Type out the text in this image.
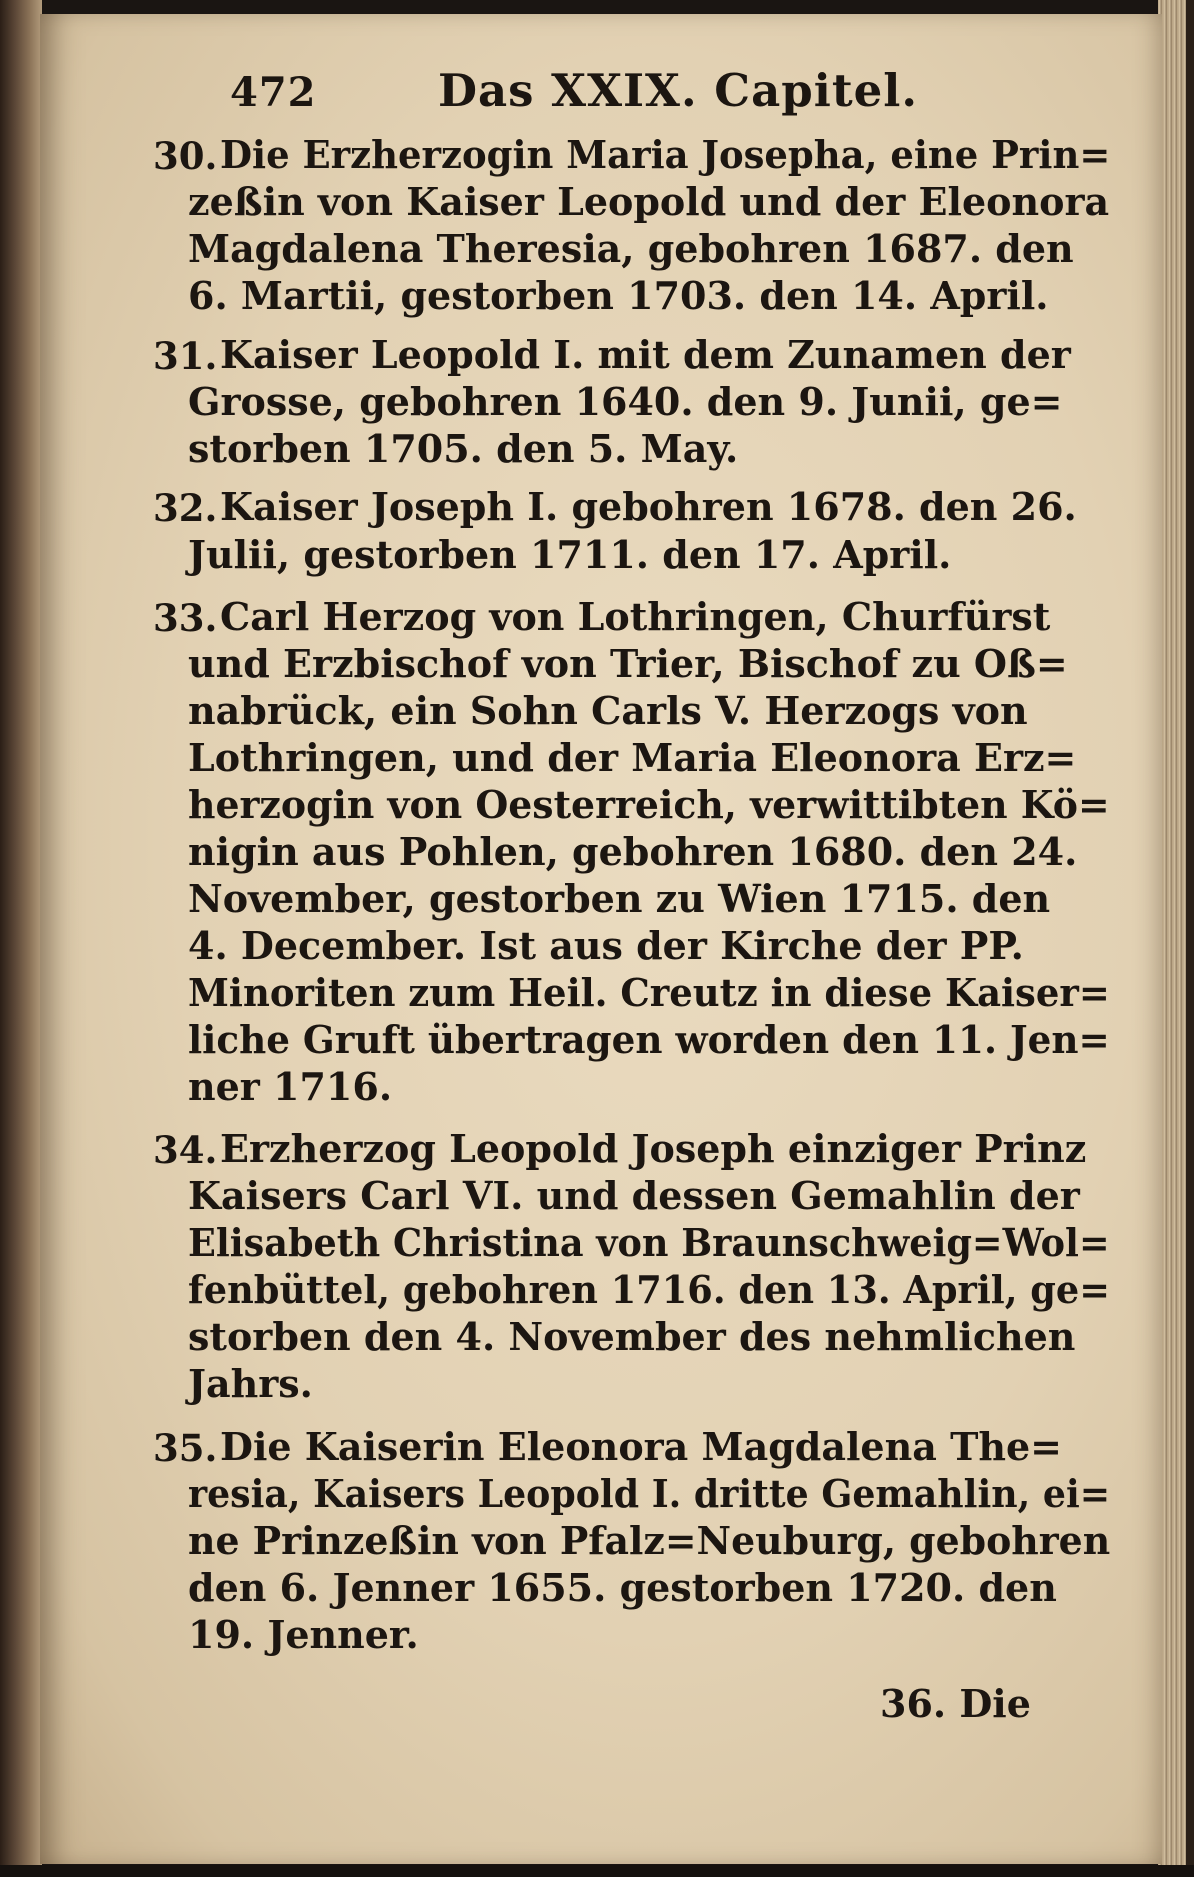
472	Das XXIX. Capitel.
30. Die Erzherzogin Maria Josepha, eine Prin=
zeßin von Kaiser Leopold und der Eleonora
Magdalena Theresia, gebohren 1687. den
6. Martii, gestorben 1703. den 14. April.
31. Kaiser Leopold I. mit dem Zunamen der
Grosse, gebohren 1640. den 9. Junii, ge=
storben 1705. den 5. May.
32. Kaiser Joseph I. gebohren 1678. den 26.
Julii, gestorben 1711. den 17. April.
33. Carl Herzog von Lothringen, Churfürst
und Erzbischof von Trier, Bischof zu Oß=
nabrück, ein Sohn Carls V. Herzogs von
Lothringen, und der Maria Eleonora Erz=
herzogin von Oesterreich, verwittibten Kö=
nigin aus Pohlen, gebohren 1680. den 24.
November, gestorben zu Wien 1715. den
4. December. Ist aus der Kirche der PP.
Minoriten zum Heil. Creutz in diese Kaiser=
liche Gruft übertragen worden den 11. Jen=
ner 1716.
34. Erzherzog Leopold Joseph einziger Prinz
Kaisers Carl VI. und dessen Gemahlin der
Elisabeth Christina von Braunschweig=Wol=
fenbüttel, gebohren 1716. den 13. April, ge=
storben den 4. November des nehmlichen
Jahrs.
35. Die Kaiserin Eleonora Magdalena The=
resia, Kaisers Leopold I. dritte Gemahlin, ei=
ne Prinzeßin von Pfalz=Neuburg, gebohren
den 6. Jenner 1655. gestorben 1720. den
19. Jenner.
36. Die
